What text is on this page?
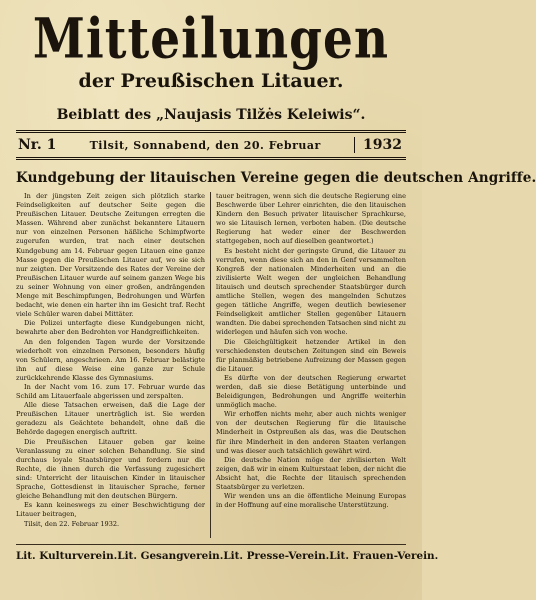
Mitteilungen
der Preußischen Litauer.
Beiblatt des „Naujasis Tilžės Keleiwis“.
Nr. 1	Tilsit, Sonnabend, den 20. Februar	1932
Kundgebung der litauischen Vereine gegen die deutschen Angriffe.

In der jüngsten Zeit zeigen sich plötzlich starke Feindseligkeiten auf deutscher Seite gegen die Preußischen Litauer. Deutsche Zeitungen erregten die Massen. Während aber zunächst bekanntere Litauern nur von einzelnen Personen häßliche Schimpfworte zugerufen wurden, trat nach einer deutschen Kundgebung am 14. Februar gegen Litauen eine ganze Masse gegen die Preußischen Litauer auf, wo sie sich nur zeigten. Der Vorsitzende des Rates der Vereine der Preußischen Litauer wurde auf seinem ganzen Wege bis zu seiner Wohnung von einer großen, andrängenden Menge mit Beschimpfungen, Bedrohungen und Würfen bedacht, wie denen ein harter ihn im Gesicht traf. Recht viele Schüler waren dabei Mittäter.

Die Polizei unterfagte diese Kundgebungen nicht, bewahrte aber den Bedrohten vor Handgreiflichkeiten.

An den folgenden Tagen wurde der Vorsitzende wiederholt von einzelnen Personen, besonders häufig von Schülern, angeschrieen. Am 16. Februar belästigte ihn auf diese Weise eine ganze zur Schule zurückkehrende Klasse des Gymnasiums.

In der Nacht vom 16. zum 17. Februar wurde das Schild am Litauerfaale abgerissen und zerspalten.

Alle diese Tatsachen erweisen, daß die Lage der Preußischen Litauer unerträglich ist. Sie werden geradezu als Geächtete behandelt, ohne daß die Behörde dagegen energisch auftritt.

Die Preußischen Litauer geben gar keine Veranlassung zu einer solchen Behandlung. Sie sind durchaus loyale Staatsbürger und fordern nur die Rechte, die ihnen durch die Verfassung zugesichert sind: Unterricht der litauischen Kinder in litauischer Sprache, Gottesdienst in litauischer Sprache, ferner gleiche Behandlung mit den deutschen Bürgern.

Es kann keineswegs zu einer Beschwichtigung der Litauer beitragen,

Tilsit, den 22. Februar 1932.

tauer beitragen, wenn sich die deutsche Regierung eine Beschwerde über Lehrer einrichten, die den litauischen Kindern den Besuch privater litauischer Sprachkurse, wo sie Litauisch lernen, verboten haben. (Die deutsche Regierung hat weder einer der Beschwerden stattgegeben, noch auf dieselben geantwortet.)

Es besteht nicht der geringste Grund, die Litauer zu verrufen, wenn diese sich an den in Genf versammelten Kongreß der nationalen Minderheiten und an die zivilisierte Welt wegen der ungleichen Behandlung litauisch und deutsch sprechender Staatsbürger durch amtliche Stellen, wegen des mangelnden Schutzes gegen tätliche Angriffe, wegen deutlich bewiesener Feindseligkeit amtlicher Stellen gegenüber Litauern wandten. Die dabei sprechenden Tatsachen sind nicht zu widerlegen und häufen sich von woche.

Die Gleichgültigkeit hetzender Artikel in den verschiedensten deutschen Zeitungen sind ein Beweis für planmäßig betriebene Aufreizung der Massen gegen die Litauer.

Es dürfte von der deutschen Regierung erwartet werden, daß sie diese Betätigung unterbinde und Beleidigungen, Bedrohungen und Angriffe weiterhin unmöglich mache.

Wir erhoffen nichts mehr, aber auch nichts weniger von der deutschen Regierung für die litauische Minderheit in Ostpreußen als das, was die Deutschen für ihre Minderheit in den anderen Staaten verlangen und was dieser auch tatsächlich gewährt wird.

Die deutsche Nation möge der zivilisierten Welt zeigen, daß wir in einem Kulturstaat leben, der nicht die Absicht hat, die Rechte der litauisch sprechenden Staatsbürger zu verletzen.

Wir wenden uns an die öffentliche Meinung Europas in der Hoffnung auf eine moralische Unterstützung.

Lit. Kulturverein. Lit. Gesangverein. Lit. Presse-Verein. Lit. Frauen-Verein.
